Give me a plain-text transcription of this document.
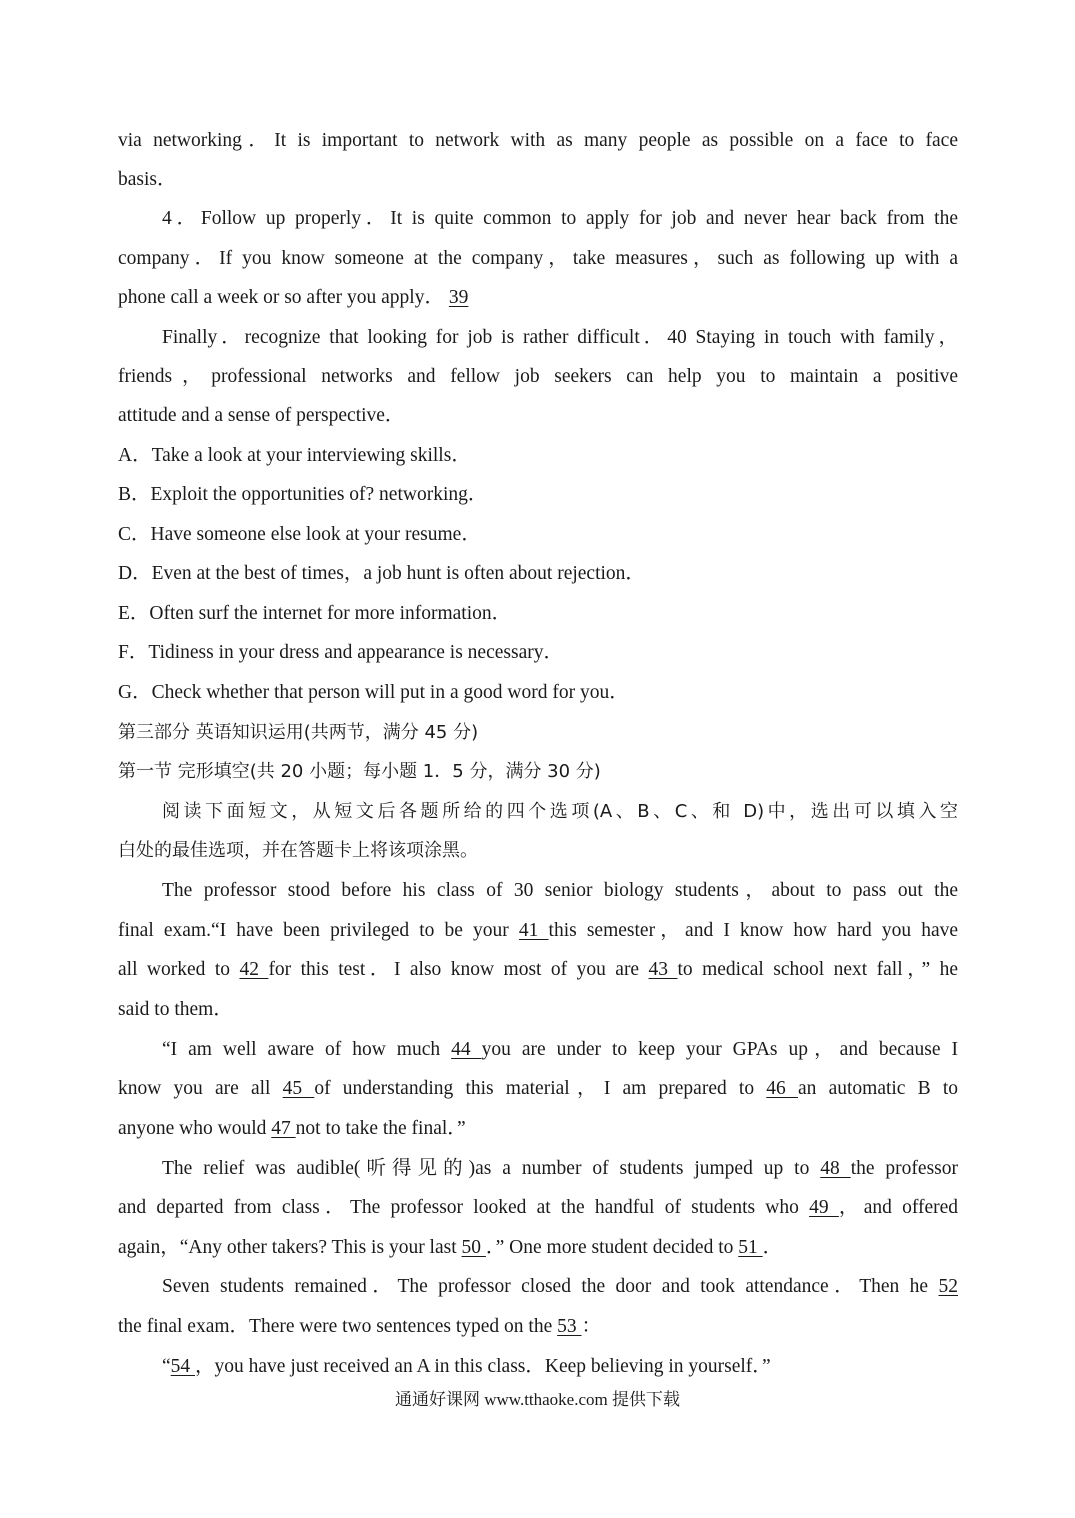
via networking．It is important to network with as many people as possible on a face to face
basis．
4．Follow up properly．It is quite common to apply for job and never hear back from the
company．If you know someone at the company，take measures，such as following up with a
phone call a week or so after you apply． 39
Finally．recognize that looking for job is rather difficult．40 Staying in touch with family，
friends，professional networks and fellow job seekers can help you to maintain a positive
attitude and a sense of perspective．
A．Take a look at your interviewing skills．
B．Exploit the opportunities of? networking．
C．Have someone else look at your resume．
D．Even at the best of times，a job hunt is often about rejection．
E．Often surf the internet for more information．
F．Tidiness in your dress and appearance is necessary．
G．Check whether that person will put in a good word for you．
第三部分 英语知识运用(共两节，满分 45 分)
第一节 完形填空(共 20 小题；每小题 1．5 分，满分 30 分)
阅读下面短文，从短文后各题所给的四个选项(A、B、C、和 D)中，选出可以填入空
白处的最佳选项，并在答题卡上将该项涂黑。
The professor stood before his class of 30 senior biology students，about to pass out the
final exam.“I have been privileged to be your 41 this semester，and I know how hard you have
all worked to 42 for this test．I also know most of you are 43 to medical school next fall，” he
said to them．
“I am well aware of how much 44 you are under to keep your GPAs up，and because I
know you are all 45 of understanding this material，I am prepared to 46 an automatic B to
anyone who would 47 not to take the final．”
The relief was audible(听得见的)as a number of students jumped up to 48 the professor
and departed from class．The professor looked at the handful of students who 49 ，and offered
again，“Any other takers? This is your last 50 ．” One more student decided to 51 ．
Seven students remained．The professor closed the door and took attendance．Then he 52
the final exam．There were two sentences typed on the 53 ：
“54 ，you have just received an A in this class．Keep believing in yourself．”
通通好课网 www.tthaoke.com 提供下载
